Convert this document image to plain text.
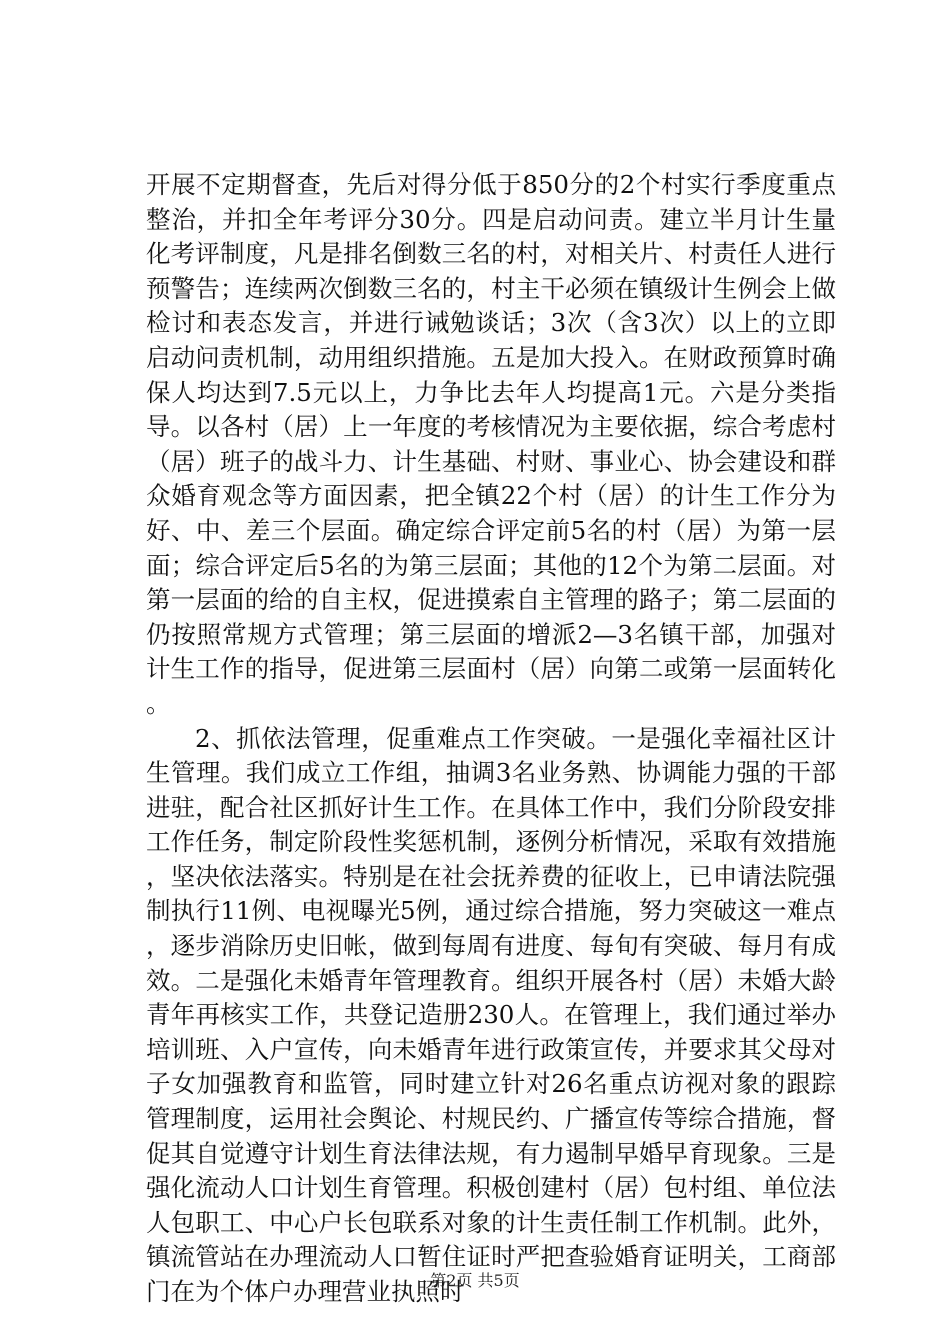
开展不定期督查，先后对得分低于850分的2个村实行季度重点整治，并扣全年考评分30分。四是启动问责。建立半月计生量化考评制度，凡是排名倒数三名的村，对相关片、村责任人进行预警告；连续两次倒数三名的，村主干必须在镇级计生例会上做检讨和表态发言，并进行诫勉谈话；3次（含3次）以上的立即启动问责机制，动用组织措施。五是加大投入。在财政预算时确保人均达到7.5元以上，力争比去年人均提高1元。六是分类指导。以各村（居）上一年度的考核情况为主要依据，综合考虑村（居）班子的战斗力、计生基础、村财、事业心、协会建设和群众婚育观念等方面因素，把全镇22个村（居）的计生工作分为好、中、差三个层面。确定综合评定前5名的村（居）为第一层面；综合评定后5名的为第三层面；其他的12个为第二层面。对第一层面的给的自主权，促进摸索自主管理的路子；第二层面的仍按照常规方式管理；第三层面的增派2—3名镇干部，加强对计生工作的指导，促进第三层面村（居）向第二或第一层面转化。

2、抓依法管理，促重难点工作突破。一是强化幸福社区计生管理。我们成立工作组，抽调3名业务熟、协调能力强的干部进驻，配合社区抓好计生工作。在具体工作中，我们分阶段安排工作任务，制定阶段性奖惩机制，逐例分析情况，采取有效措施，坚决依法落实。特别是在社会抚养费的征收上，已申请法院强制执行11例、电视曝光5例，通过综合措施，努力突破这一难点，逐步消除历史旧帐，做到每周有进度、每旬有突破、每月有成效。二是强化未婚青年管理教育。组织开展各村（居）未婚大龄青年再核实工作，共登记造册230人。在管理上，我们通过举办培训班、入户宣传，向未婚青年进行政策宣传，并要求其父母对子女加强教育和监管，同时建立针对26名重点访视对象的跟踪管理制度，运用社会舆论、村规民约、广播宣传等综合措施，督促其自觉遵守计划生育法律法规，有力遏制早婚早育现象。三是强化流动人口计划生育管理。积极创建村（居）包村组、单位法人包职工、中心户长包联系对象的计生责任制工作机制。此外，镇流管站在办理流动人口暂住证时严把查验婚育证明关，工商部门在为个体户办理营业执照时

第2页 共5页
